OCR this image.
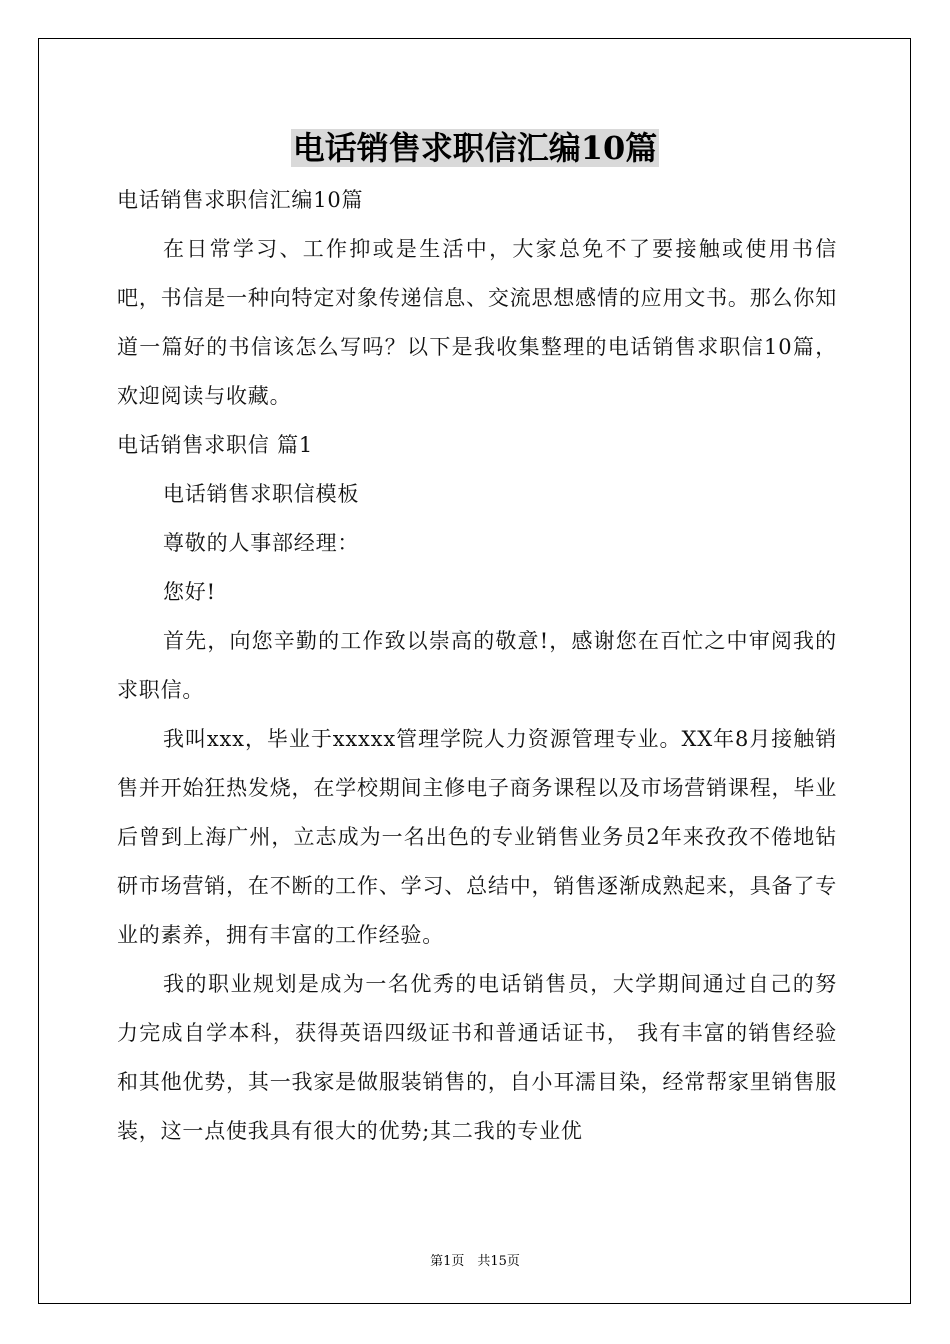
电话销售求职信汇编10篇

电话销售求职信汇编10篇

在日常学习、工作抑或是生活中，大家总免不了要接触或使用书信吧，书信是一种向特定对象传递信息、交流思想感情的应用文书。那么你知道一篇好的书信该怎么写吗？以下是我收集整理的电话销售求职信10篇，欢迎阅读与收藏。

电话销售求职信 篇1

电话销售求职信模板

尊敬的人事部经理：

您好!

首先，向您辛勤的工作致以崇高的敬意!，感谢您在百忙之中审阅我的求职信。

我叫xxx，毕业于xxxxx管理学院人力资源管理专业。XX年8月接触销售并开始狂热发烧，在学校期间主修电子商务课程以及市场营销课程，毕业后曾到上海广州，立志成为一名出色的专业销售业务员2年来孜孜不倦地钻研市场营销，在不断的工作、学习、总结中，销售逐渐成熟起来，具备了专业的素养，拥有丰富的工作经验。

我的职业规划是成为一名优秀的电话销售员，大学期间通过自己的努力完成自学本科，获得英语四级证书和普通话证书， 我有丰富的销售经验和其他优势，其一我家是做服装销售的，自小耳濡目染，经常帮家里销售服装，这一点使我具有很大的优势;其二我的专业优

第1页　共15页
